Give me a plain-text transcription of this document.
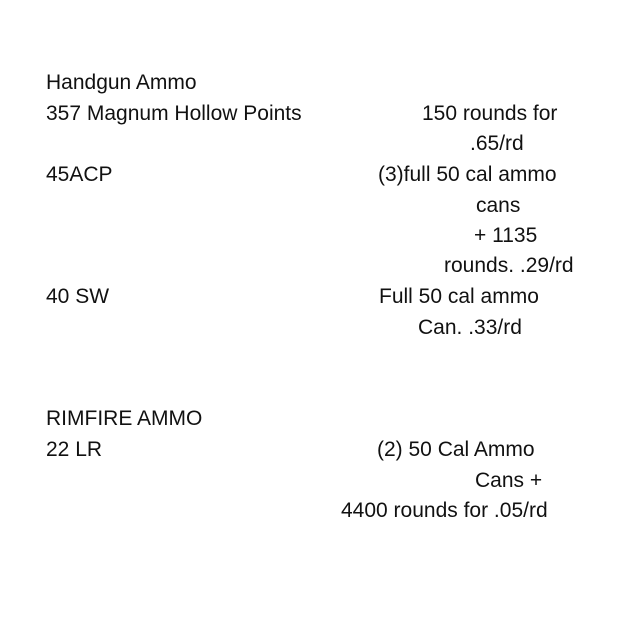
Handgun Ammo
357 Magnum Hollow Points	150 rounds for
.65/rd
45ACP	(3)full 50 cal ammo
cans
+ 1135
rounds. .29/rd
40 SW	Full 50 cal ammo
Can. .33/rd
RIMFIRE AMMO
22 LR	(2) 50 Cal Ammo
Cans +
4400 rounds for .05/rd
